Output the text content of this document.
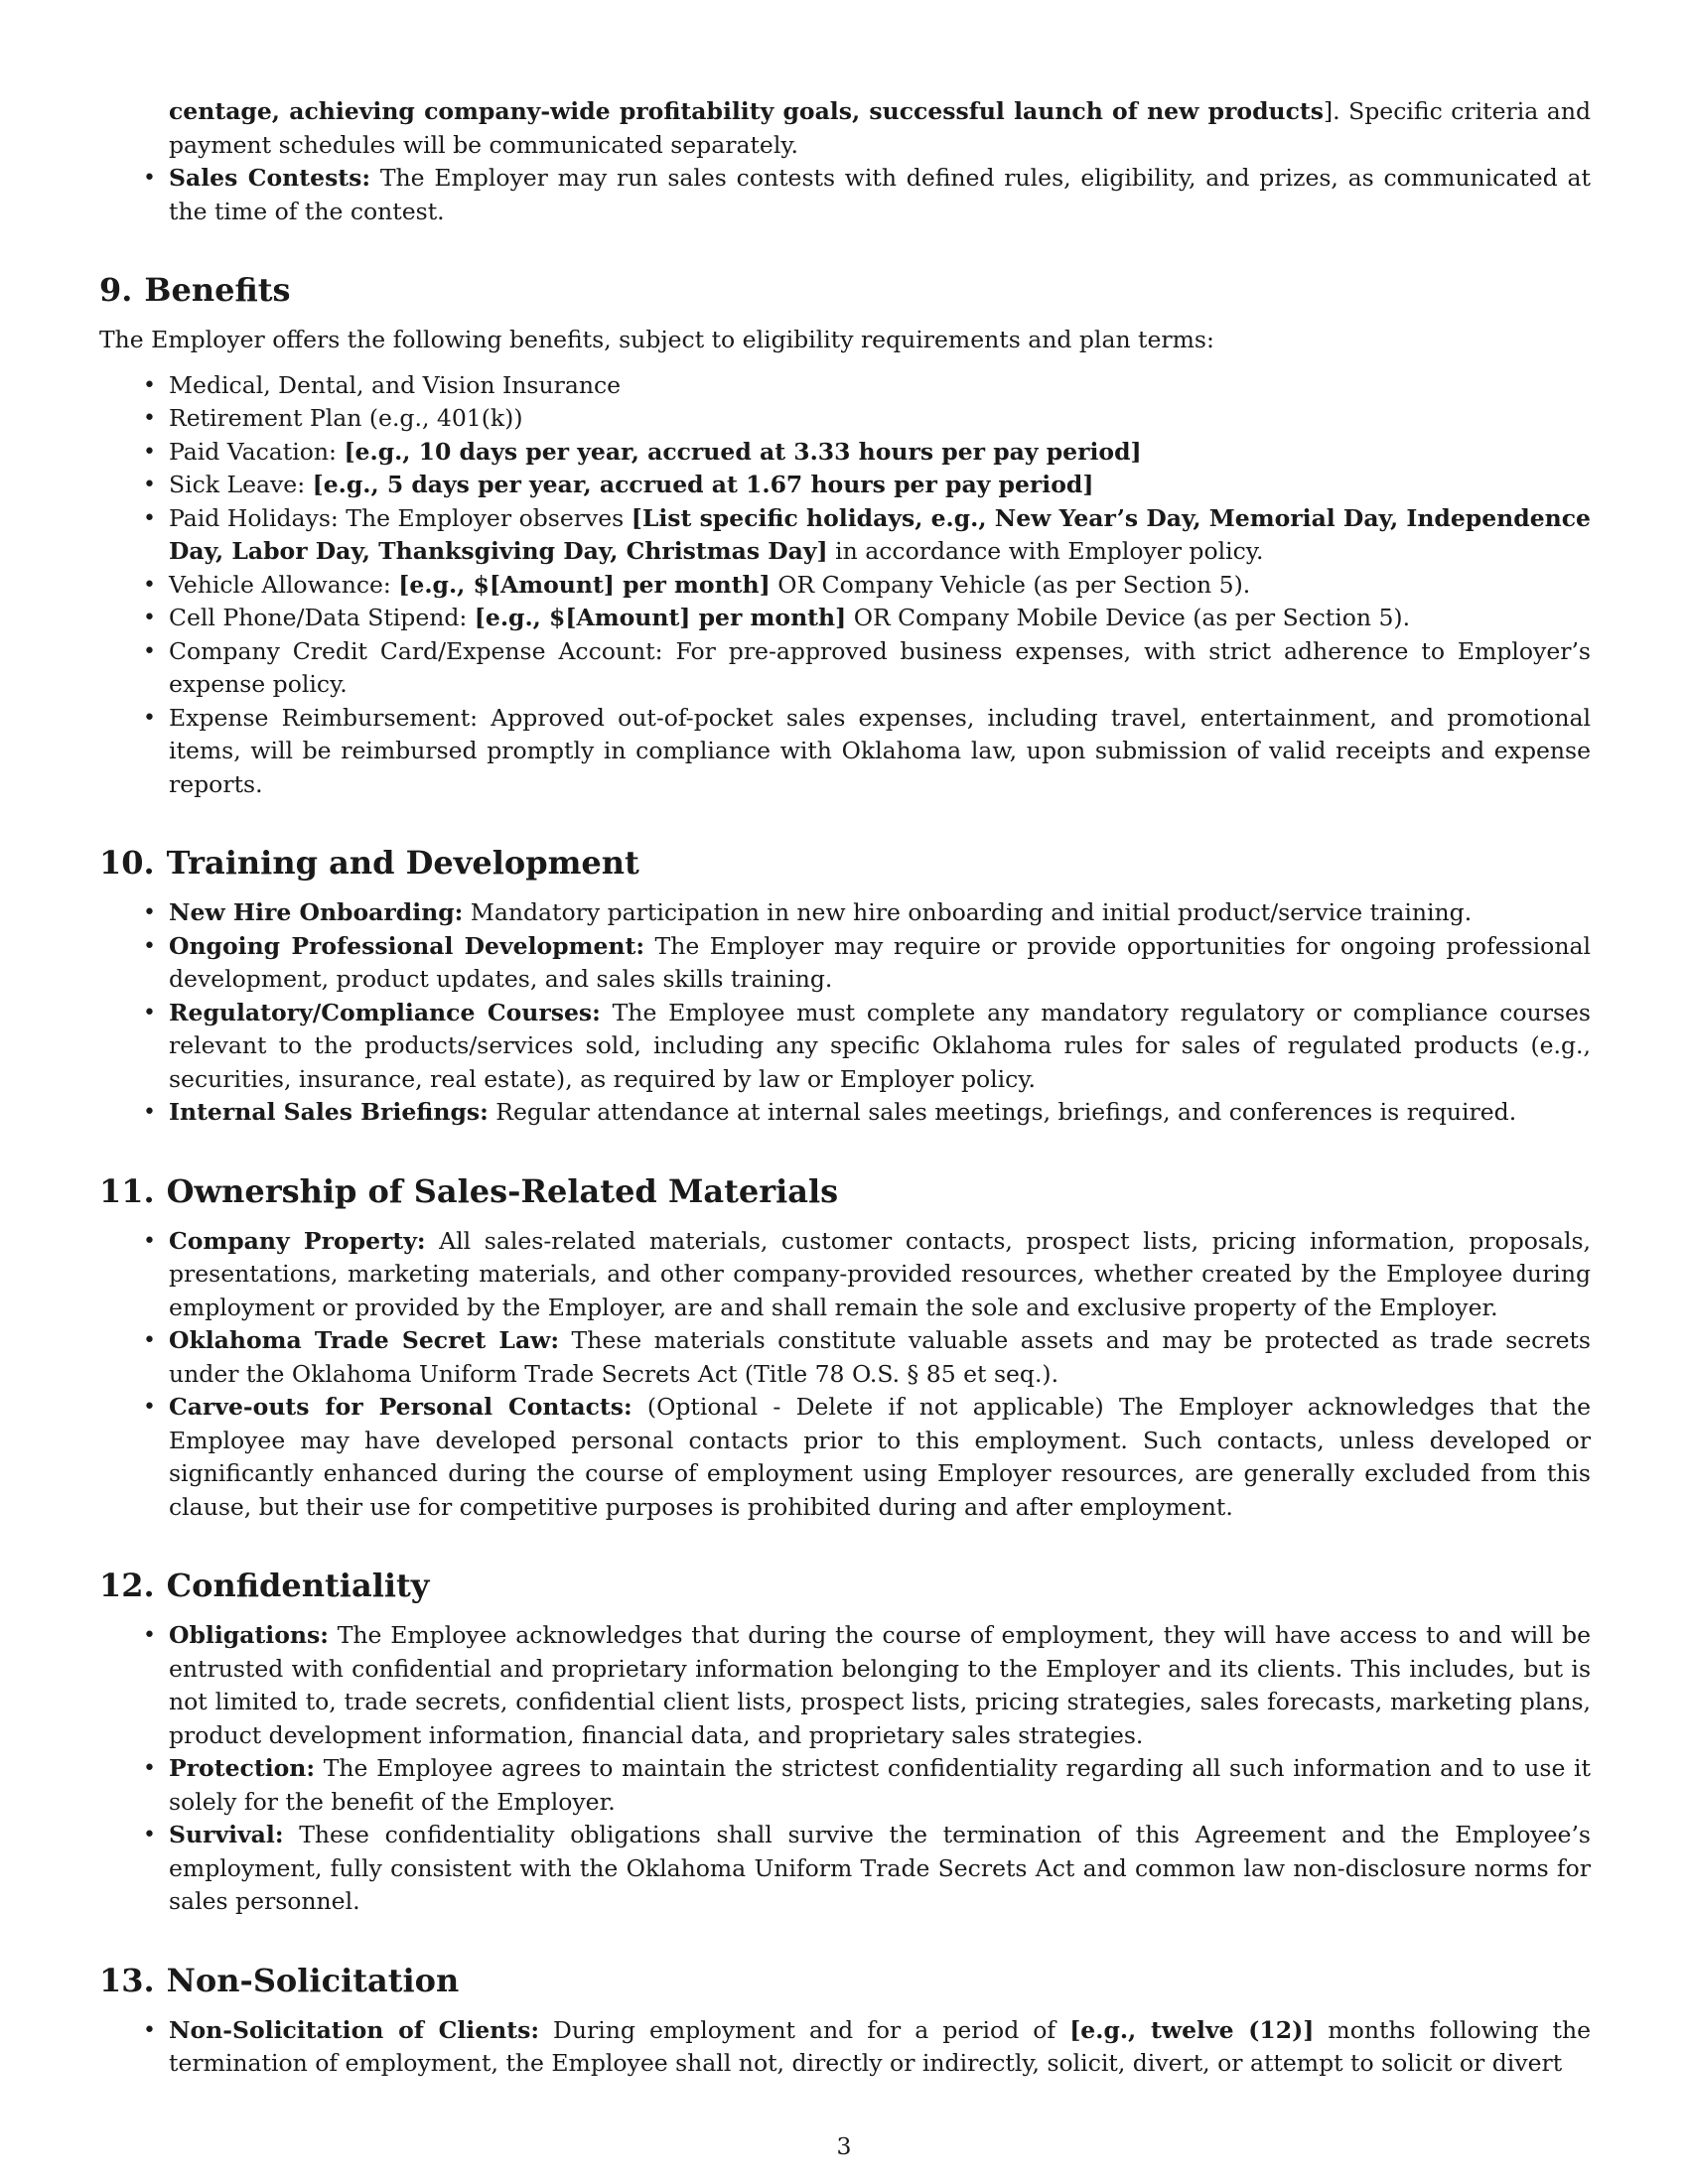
centage, achieving company-wide profitability goals, successful launch of new products]. Specific criteria and payment schedules will be communicated separately.

• Sales Contests: The Employer may run sales contests with defined rules, eligibility, and prizes, as communicated at the time of the contest.
9. Benefits

The Employer offers the following benefits, subject to eligibility requirements and plan terms:

• Medical, Dental, and Vision Insurance
• Retirement Plan (e.g., 401(k))
• Paid Vacation: [e.g., 10 days per year, accrued at 3.33 hours per pay period]
• Sick Leave: [e.g., 5 days per year, accrued at 1.67 hours per pay period]
• Paid Holidays: The Employer observes [List specific holidays, e.g., New Year’s Day, Memorial Day, Independence Day, Labor Day, Thanksgiving Day, Christmas Day] in accordance with Employer policy.
• Vehicle Allowance: [e.g., $[Amount] per month] OR Company Vehicle (as per Section 5).
• Cell Phone/Data Stipend: [e.g., $[Amount] per month] OR Company Mobile Device (as per Section 5).
• Company Credit Card/Expense Account: For pre-approved business expenses, with strict adherence to Employer’s expense policy.
• Expense Reimbursement: Approved out-of-pocket sales expenses, including travel, entertainment, and promotional items, will be reimbursed promptly in compliance with Oklahoma law, upon submission of valid receipts and expense reports.
10. Training and Development
• New Hire Onboarding: Mandatory participation in new hire onboarding and initial product/service training.
• Ongoing Professional Development: The Employer may require or provide opportunities for ongoing professional development, product updates, and sales skills training.
• Regulatory/Compliance Courses: The Employee must complete any mandatory regulatory or compliance courses relevant to the products/services sold, including any specific Oklahoma rules for sales of regulated products (e.g., securities, insurance, real estate), as required by law or Employer policy.
• Internal Sales Briefings: Regular attendance at internal sales meetings, briefings, and conferences is required.
11. Ownership of Sales-Related Materials
• Company Property: All sales-related materials, customer contacts, prospect lists, pricing information, proposals, presentations, marketing materials, and other company-provided resources, whether created by the Employee during employment or provided by the Employer, are and shall remain the sole and exclusive property of the Employer.
• Oklahoma Trade Secret Law: These materials constitute valuable assets and may be protected as trade secrets under the Oklahoma Uniform Trade Secrets Act (Title 78 O.S. § 85 et seq.).
• Carve-outs for Personal Contacts: (Optional - Delete if not applicable) The Employer acknowledges that the Employee may have developed personal contacts prior to this employment. Such contacts, unless developed or significantly enhanced during the course of employment using Employer resources, are generally excluded from this clause, but their use for competitive purposes is prohibited during and after employment.
12. Confidentiality
• Obligations: The Employee acknowledges that during the course of employment, they will have access to and will be entrusted with confidential and proprietary information belonging to the Employer and its clients. This includes, but is not limited to, trade secrets, confidential client lists, prospect lists, pricing strategies, sales forecasts, marketing plans, product development information, financial data, and proprietary sales strategies.
• Protection: The Employee agrees to maintain the strictest confidentiality regarding all such information and to use it solely for the benefit of the Employer.
• Survival: These confidentiality obligations shall survive the termination of this Agreement and the Employee’s employment, fully consistent with the Oklahoma Uniform Trade Secrets Act and common law non-disclosure norms for sales personnel.
13. Non-Solicitation
• Non-Solicitation of Clients: During employment and for a period of [e.g., twelve (12)] months following the termination of employment, the Employee shall not, directly or indirectly, solicit, divert, or attempt to solicit or divert
3
